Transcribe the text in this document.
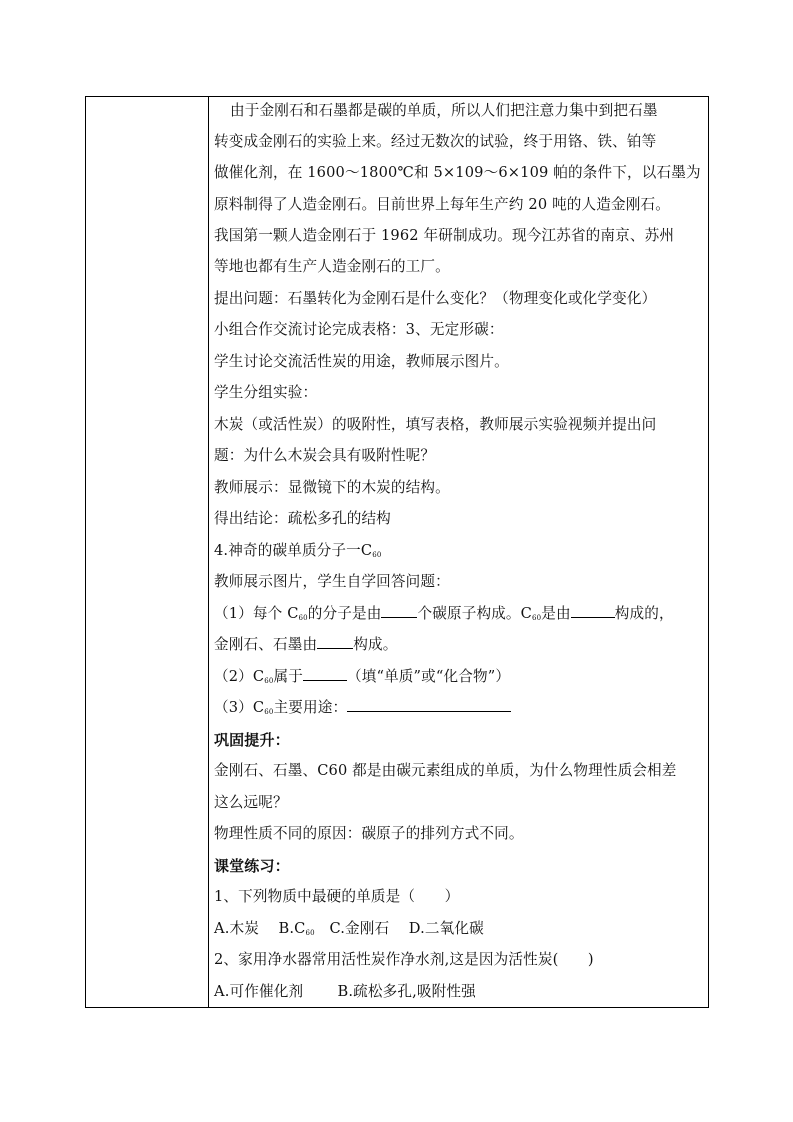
由于金刚石和石墨都是碳的单质，所以人们把注意力集中到把石墨
转变成金刚石的实验上来。经过无数次的试验，终于用铬、铁、铂等
做催化剂，在 1600～1800℃和 5×109～6×109 帕的条件下，以石墨为
原料制得了人造金刚石。目前世界上每年生产约 20 吨的人造金刚石。
我国第一颗人造金刚石于 1962 年研制成功。现今江苏省的南京、苏州
等地也都有生产人造金刚石的工厂。
提出问题：石墨转化为金刚石是什么变化？（物理变化或化学变化）
小组合作交流讨论完成表格：3、无定形碳：
学生讨论交流活性炭的用途，教师展示图片。
学生分组实验：
木炭（或活性炭）的吸附性，填写表格，教师展示实验视频并提出问
题：为什么木炭会具有吸附性呢？
教师展示：显微镜下的木炭的结构。
得出结论：疏松多孔的结构
4.神奇的碳单质分子一$C_{60}$
教师展示图片，学生自学回答问题：
（1）每个 $C_{60}$的分子是由 个碳原子构成。$C_{60}$是由	构成的，
金刚石、石墨由 构成。
$(2)C_{60}$属于	（填“单质”或“化合物”）
$(3)C_{60}$主要用途：
巩固提升：
金刚石、石墨、C60 都是由碳元素组成的单质，为什么物理性质会相差
这么远呢？
物理性质不同的原因：碳原子的排列方式不同。
课堂练习：
1、下列物质中最硬的单质是（　　）
A.木炭　 $B.C_{60}$　C.金刚石　 D.二氧化碳
2、家用净水器常用活性炭作净水剂,这是因为活性炭(　　)
A.可作催化剂　　 B.疏松多孔,吸附性强
